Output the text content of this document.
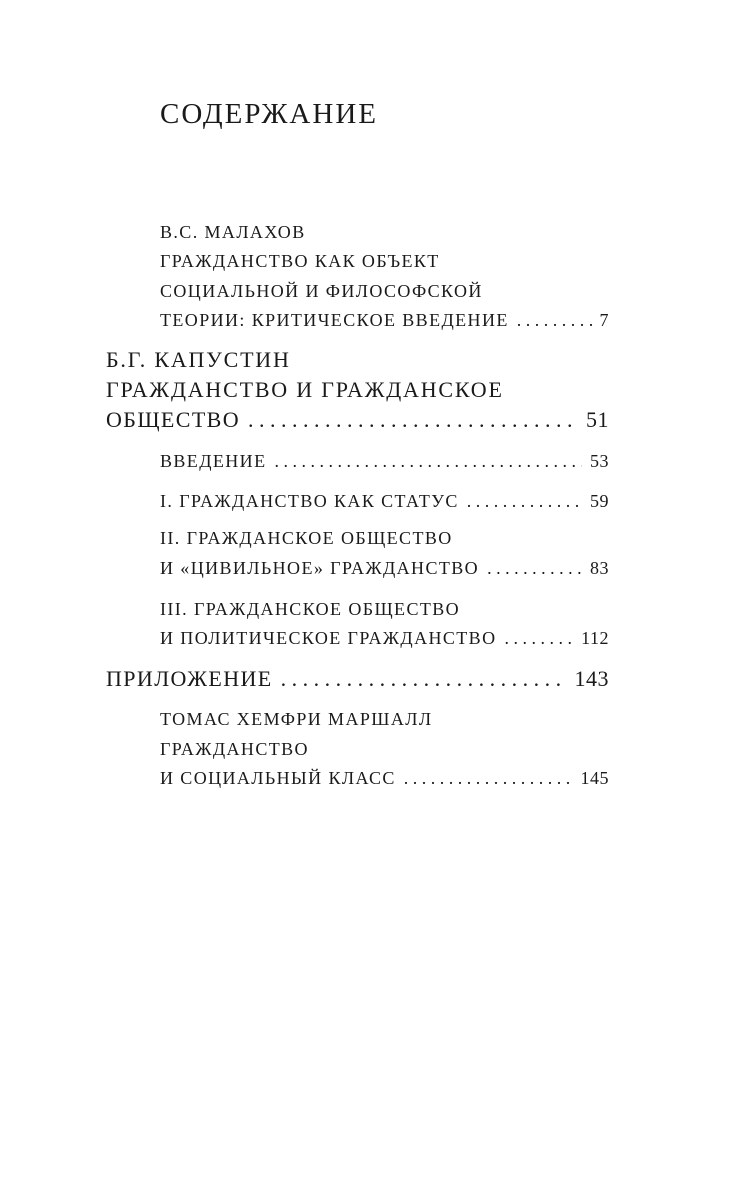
СОДЕРЖАНИЕ
В.С. МАЛАХОВ
ГРАЖДАНСТВО КАК ОБЪЕКТ
СОЦИАЛЬНОЙ И ФИЛОСОФСКОЙ
ТЕОРИИ: КРИТИЧЕСКОЕ ВВЕДЕНИЕ . . .	7
Б.Г. КАПУСТИН
ГРАЖДАНСТВО И ГРАЖДАНСКОЕ
ОБЩЕСТВО . . .	51
ВВЕДЕНИЕ . . .	53
I. ГРАЖДАНСТВО КАК СТАТУС . . .	59
II. ГРАЖДАНСКОЕ ОБЩЕСТВО
И «ЦИВИЛЬНОЕ» ГРАЖДАНСТВО . . .	83
III. ГРАЖДАНСКОЕ ОБЩЕСТВО
И ПОЛИТИЧЕСКОЕ ГРАЖДАНСТВО . . .	112
ПРИЛОЖЕНИЕ . . .	143
ТОМАС ХЕМФРИ МАРШАЛЛ
ГРАЖДАНСТВО
И СОЦИАЛЬНЫЙ КЛАСС . . .	145
